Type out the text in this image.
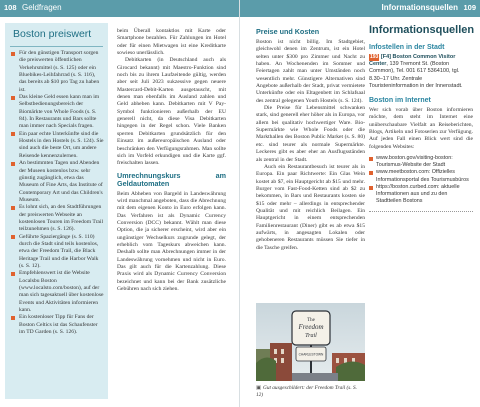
108 Geldfragen	Informationsquellen 109
Boston preiswert
Für den günstigen Transport sorgen die preiswerten öffentlichen Verkehrsmittel (s. S. 125) oder ein Bluebikes-Leihfahrrad (s. S. 116), das bereits ab $10 pro Tag zu haben ist.
Das kleine Geld essen kann man im Selbstbedienungsbereich der Biomärkte von Whole Foods (s. S. 84). In Restaurants und Bars sollte man immer nach Specials fragen.
Ein paar echte Unterkünfte sind die Hostels in den Hostels (s. S. 124). Sie sind auch die beste Ort, um andere Reisende kennenzulernen.
An bestimmten Tagen und Abenden der Museen kostenlos bzw. sehr günstig zugänglich, etwa das Museum of Fine Arts, das Institute of Contemporary Art und das Children's Museum.
Es lohnt sich, an den Stadtführungen der preiswerten Webseite an kostenlosen Touren im Freedom Trail teilzunehmen (s. S. 126).
Geführte Spaziergänge (s. S. 110) durch die Stadt sind teils kostenlos, etwa der Freedom Trail, die Black Heritage Trail und die Harbor Walk (s. S. 12).
Empfehlenswert ist die Website Localsbu Boston (www.localsto.com/boston), auf der man sich tagesaktuell über kostenlose Events und Aktivitäten informieren kann.
Ein kostenloser Tipp für Fans der Boston Celtics ist das Schaufenster im TD Garden (s. S. 126).

beim Überall kontaktlos mit Karte oder Smartphone bezahlen. Für Zahlungen im Hotel oder für einen Mietwagen ist eine Kreditkarte sowieso unerlässlich.

Debitkarten (in Deutschland auch als Girocard bekannt) mit Maestro-Funktion sind noch bis zu ihrem Laufzeitende gültig, werden aber seit Juli 2023 sukzessive gegen neuere Mastercard-Debit-Karten ausgetauscht, mit denen man ebenfalls im Ausland zahlen und Geld abheben kann. Debitkarten mit V Pay-Symbol funktionieren außerhalb der EU generell nicht, da diese Visa Debitkarten hingegen in der Regel schon. Viele Banken sperren Debitkarten grundsätzlich für den Einsatz im außereuropäischen Ausland oder beschränken den Verfügungsrahmen. Man sollte sich im Vorfeld erkundigen und die Karte ggf. freischalten lassen.

Umrechnungskurs am Geldautomaten

Beim Abheben von Bargeld in Landeswährung wird manchmal angeboten, dass die Abrechnung mit dem eigenen Konto in Euro erfolgen kann. Das Verfahren ist als Dynamic Currency Conversion (DCC) bekannt. Wählt man diese Option, die ja sicherer erscheint, wird aber ein ungünstiger Wechselkurs zugrunde gelegt, der erheblich vom Tageskurs abweichen kann. Deshalb sollte man Abrechnungen immer in der Landeswährung vornehmen und nicht in Euro. Das gilt auch für die Kartenzahlung. Diese Praxis wird als Dynamic Currency Conversion bezeichnet und kann bei der Bank zusätzliche Gebühren nach sich ziehen.

Preise und Kosten

Boston ist nicht billig. Im Stadtgebiet, gleichwohl denen im Zentrum, ist ein Hotel selten unter $300 pro Zimmer und Nacht zu haben. An Wochenenden im Sommer und Feiertagen zahlt man unter Umständen noch wesentlich mehr. Günstigere Alternativen sind Angebote außerhalb der Stadt, privat vermietete Unterkünfte oder ein Eltagenbett im Schlafsaal des zentral gelegenen Youth Hostels (s. S. 124).

Die Preise für Lebensmittel schwanken stark, sind generell eher höher als in Europa, vor allem bei qualitativ hochwertiger Ware. Bio-Supermärkte wie Whole Foods oder die Markthallen des Boston Public Market (s. S. 80) etc. sind teurer als normale Supermärkte. Leckeres gibt es aber eher an Ausflugsständen als zentral in der Stadt.

Auch ein Restaurantbesuch ist teurer als in Europa. Ein paar Richtwerte: Ein Glas Wein kostet ab $7, ein Hauptgericht ab $15 und mehr. Burger vom Fast-Food-Ketten sind ab $2 zu bekommen, in Bars und Restaurants kosten sie $15 oder mehr – allerdings in entsprechender Qualität und mit reichlich Beilagen. Ein Hauptgericht in einem entsprechenden Familienrestaurant (Diner) gibt es ab etwa $15 aufwärts, in angesagten Lokalen oder gehobeneren Restaurants müssen Sie tiefer in die Tasche greifen.

The
Freedom
Trail
CHARLESTOWN
▣ Gut ausgeschildert: der Freedom Trail (s. S. 12)
Informationsquellen
Infostellen in der Stadt
193 [F4] Boston Common Visitor Center, 139 Tremont St. (Boston Common), Tel. 001 617 5364100, tgl. 8.30–17 Uhr. Zentrale Touristeninformation in der Innenstadt.
Boston im Internet

Wer sich vorab über Boston informieren möchte, dem steht im Internet eine unüberschaubare Vielfalt an Reiseberichten, Blogs, Artikeln und Fotoserien zur Verfügung. Auf jeden Fall einen Blick wert sind die folgenden Websites:

www.boston.gov/visiting-boston: Tourismus-Website der Stadt
www.meetboston.com: Offizielles Informationsportal des Tourismusbüros
https://boston.curbed.com: aktuelle Informationen aus und zu den Stadtteilen Bostons
